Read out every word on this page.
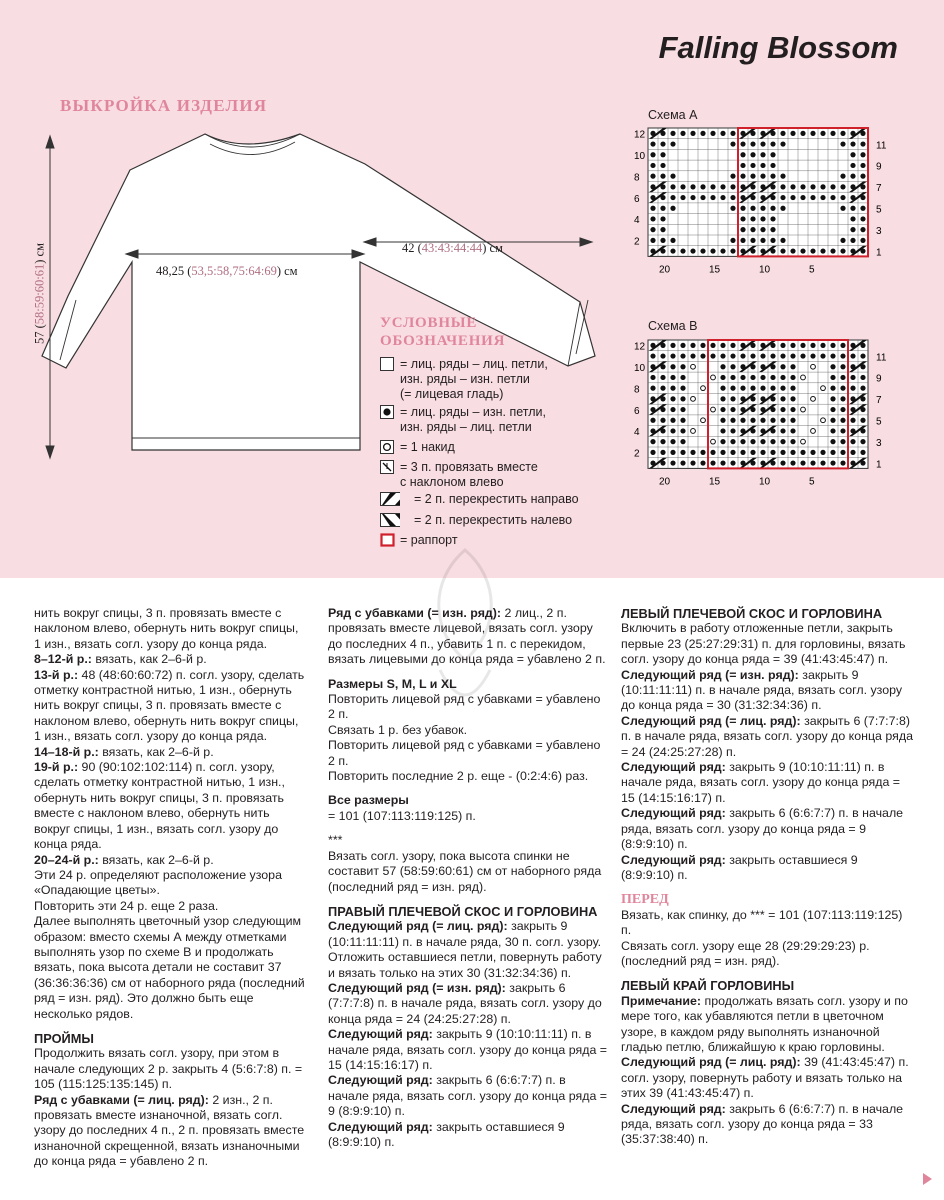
Falling Blossom
ВЫКРОЙКА ИЗДЕЛИЯ
57 (58:59:60:61) см	42 (43:43:44:44) см
48,25 (53,5:58,75:64:69) см
УСЛОВНЫЕ
ОБОЗНАЧЕНИЯ
= лиц. ряды – лиц. петли,
изн. ряды – изн. петли
(= лицевая гладь)
= лиц. ряды – изн. петли,
изн. ряды – лиц. петли
= 1 накид
= 3 п. провязать вместе
с наклоном влево
= 2 п. перекрестить направо
= 2 п. перекрестить налево
= раппорт
Схема А
12
10
8
6
4
2
11
9
7
5
3
1
20	15	10	5
Схема В
12
10
8
6
4
2
11
9
7
5
3
1
20	15	10	5

нить вокруг спицы, 3 п. провязать вместе с наклоном влево, обернуть нить вокруг спицы, 1 изн., вязать согл. узору до конца ряда.

8–12-й р.: вязать, как 2–6-й р.

13-й р.: 48 (48:60:60:72) п. согл. узору, сделать отметку контрастной нитью, 1 изн., обернуть нить вокруг спицы, 3 п. провязать вместе с наклоном влево, обернуть нить вокруг спицы, 1 изн., вязать согл. узору до конца ряда.

14–18-й р.: вязать, как 2–6-й р.

19-й р.: 90 (90:102:102:114) п. согл. узору, сделать отметку контрастной нитью, 1 изн., обернуть нить вокруг спицы, 3 п. провязать вместе с наклоном влево, обернуть нить вокруг спицы, 1 изн., вязать согл. узору до конца ряда.

20–24-й р.: вязать, как 2–6-й р.

Эти 24 р. определяют расположение узора «Опадающие цветы».

Повторить эти 24 р. еще 2 раза.

Далее выполнять цветочный узор следующим образом: вместо схемы А между отметками выполнять узор по схеме В и продолжать вязать, пока высота детали не составит 37 (36:36:36:36) см от наборного ряда (последний ряд = изн. ряд). Это должно быть еще несколько рядов.

ПРОЙМЫ

Продолжить вязать согл. узору, при этом в начале следующих 2 р. закрыть 4 (5:6:7:8) п. = 105 (115:125:135:145) п.

Ряд с убавками (= лиц. ряд): 2 изн., 2 п. провязать вместе изнаночной, вязать согл. узору до последних 4 п., 2 п. провязать вместе изнаночной скрещенной, вязать изнаночными до конца ряда = убавлено 2 п.

Ряд с убавками (= изн. ряд): 2 лиц., 2 п. провязать вместе лицевой, вязать согл. узору до последних 4 п., убавить 1 п. с перекидом, вязать лицевыми до конца ряда = убавлено 2 п.

Размеры S, M, L и XL

Повторить лицевой ряд с убавками = убавлено 2 п.

Связать 1 р. без убавок.

Повторить лицевой ряд с убавками = убавлено 2 п.

Повторить последние 2 р. еще - (0:2:4:6) раз.

Все размеры

= 101 (107:113:119:125) п.

***

Вязать согл. узору, пока высота спинки не составит 57 (58:59:60:61) см от наборного ряда (последний ряд = изн. ряд).

ПРАВЫЙ ПЛЕЧЕВОЙ СКОС И ГОРЛОВИНА

Следующий ряд (= лиц. ряд): закрыть 9 (10:11:11:11) п. в начале ряда, 30 п. согл. узору. Отложить оставшиеся петли, повернуть работу и вязать только на этих 30 (31:32:34:36) п.

Следующий ряд (= изн. ряд): закрыть 6 (7:7:7:8) п. в начале ряда, вязать согл. узору до конца ряда = 24 (24:25:27:28) п.

Следующий ряд: закрыть 9 (10:10:11:11) п. в начале ряда, вязать согл. узору до конца ряда = 15 (14:15:16:17) п.

Следующий ряд: закрыть 6 (6:6:7:7) п. в начале ряда, вязать согл. узору до конца ряда = 9 (8:9:9:10) п.

Следующий ряд: закрыть оставшиеся 9 (8:9:9:10) п.

ЛЕВЫЙ ПЛЕЧЕВОЙ СКОС И ГОРЛОВИНА

Включить в работу отложенные петли, закрыть первые 23 (25:27:29:31) п. для горловины, вязать согл. узору до конца ряда = 39 (41:43:45:47) п.

Следующий ряд (= изн. ряд): закрыть 9 (10:11:11:11) п. в начале ряда, вязать согл. узору до конца ряда = 30 (31:32:34:36) п.

Следующий ряд (= лиц. ряд): закрыть 6 (7:7:7:8) п. в начале ряда, вязать согл. узору до конца ряда = 24 (24:25:27:28) п.

Следующий ряд: закрыть 9 (10:10:11:11) п. в начале ряда, вязать согл. узору до конца ряда = 15 (14:15:16:17) п.

Следующий ряд: закрыть 6 (6:6:7:7) п. в начале ряда, вязать согл. узору до конца ряда = 9 (8:9:9:10) п.

Следующий ряд: закрыть оставшиеся 9 (8:9:9:10) п.

ПЕРЕД

Вязать, как спинку, до *** = 101 (107:113:119:125) п.

Связать согл. узору еще 28 (29:29:29:23) р. (последний ряд = изн. ряд).

ЛЕВЫЙ КРАЙ ГОРЛОВИНЫ

Примечание: продолжать вязать согл. узору и по мере того, как убавляются петли в цветочном узоре, в каждом ряду выполнять изнаночной гладью петлю, ближайшую к краю горловины.

Следующий ряд (= лиц. ряд): 39 (41:43:45:47) п. согл. узору, повернуть работу и вязать только на этих 39 (41:43:45:47) п.

Следующий ряд: закрыть 6 (6:6:7:7) п. в начале ряда, вязать согл. узору до конца ряда = 33 (35:37:38:40) п.
